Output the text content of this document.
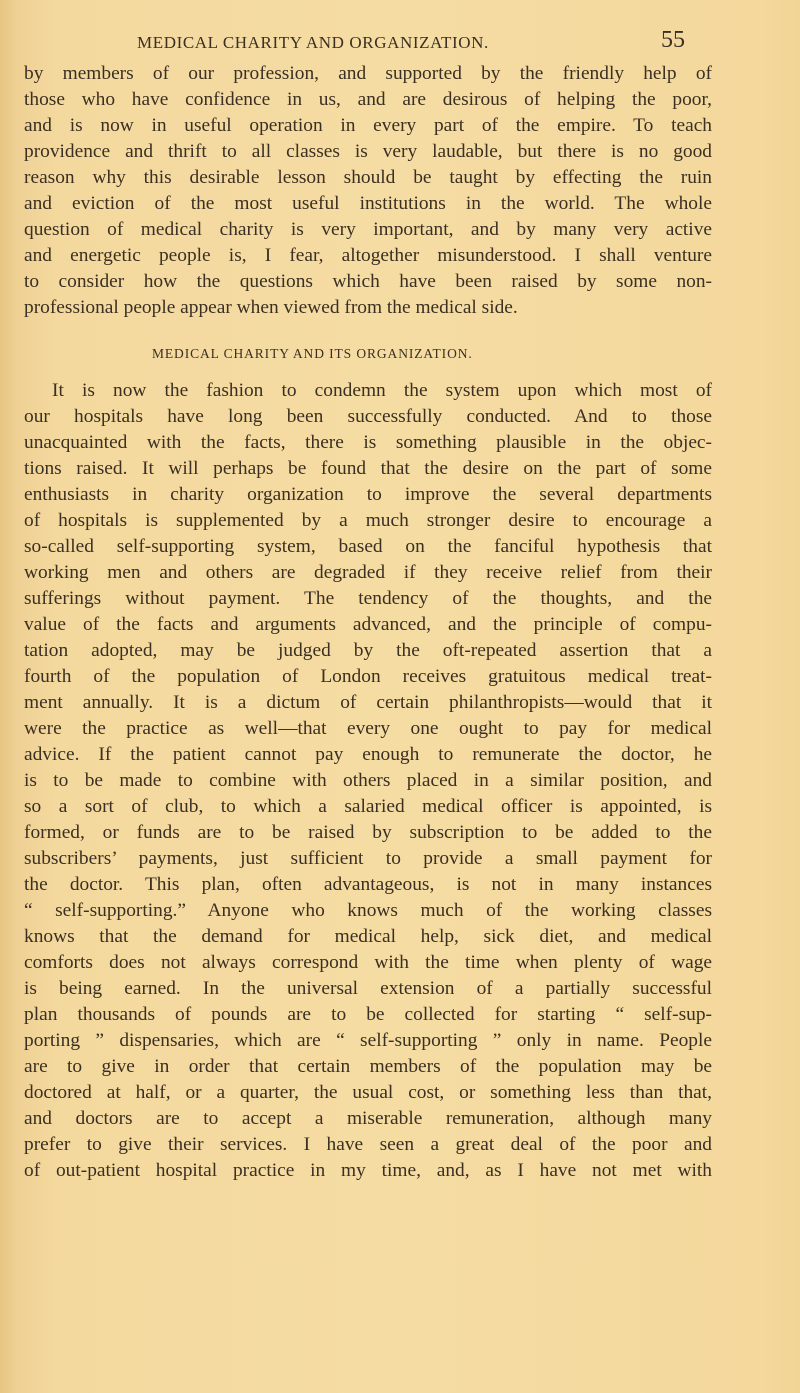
MEDICAL CHARITY AND ORGANIZATION.	55
by members of our profession, and supported by the friendly help of
those who have confidence in us, and are desirous of helping the poor,
and is now in useful operation in every part of the empire. To teach
providence and thrift to all classes is very laudable, but there is no good
reason why this desirable lesson should be taught by effecting the ruin
and eviction of the most useful institutions in the world. The whole
question of medical charity is very important, and by many very active
and energetic people is, I fear, altogether misunderstood. I shall venture
to consider how the questions which have been raised by some non-
professional people appear when viewed from the medical side.
MEDICAL CHARITY AND ITS ORGANIZATION.
It is now the fashion to condemn the system upon which most of
our hospitals have long been successfully conducted. And to those
unacquainted with the facts, there is something plausible in the objec-
tions raised. It will perhaps be found that the desire on the part of some
enthusiasts in charity organization to improve the several departments
of hospitals is supplemented by a much stronger desire to encourage a
so-called self-supporting system, based on the fanciful hypothesis that
working men and others are degraded if they receive relief from their
sufferings without payment. The tendency of the thoughts, and the
value of the facts and arguments advanced, and the principle of compu-
tation adopted, may be judged by the oft-repeated assertion that a
fourth of the population of London receives gratuitous medical treat-
ment annually. It is a dictum of certain philanthropists—would that it
were the practice as well—that every one ought to pay for medical
advice. If the patient cannot pay enough to remunerate the doctor, he
is to be made to combine with others placed in a similar position, and
so a sort of club, to which a salaried medical officer is appointed, is
formed, or funds are to be raised by subscription to be added to the
subscribers’ payments, just sufficient to provide a small payment for
the doctor. This plan, often advantageous, is not in many instances
“ self-supporting.” Anyone who knows much of the working classes
knows that the demand for medical help, sick diet, and medical
comforts does not always correspond with the time when plenty of wage
is being earned. In the universal extension of a partially successful
plan thousands of pounds are to be collected for starting “ self-sup-
porting ” dispensaries, which are “ self-supporting ” only in name. People
are to give in order that certain members of the population may be
doctored at half, or a quarter, the usual cost, or something less than that,
and doctors are to accept a miserable remuneration, although many
prefer to give their services. I have seen a great deal of the poor and
of out-patient hospital practice in my time, and, as I have not met with
